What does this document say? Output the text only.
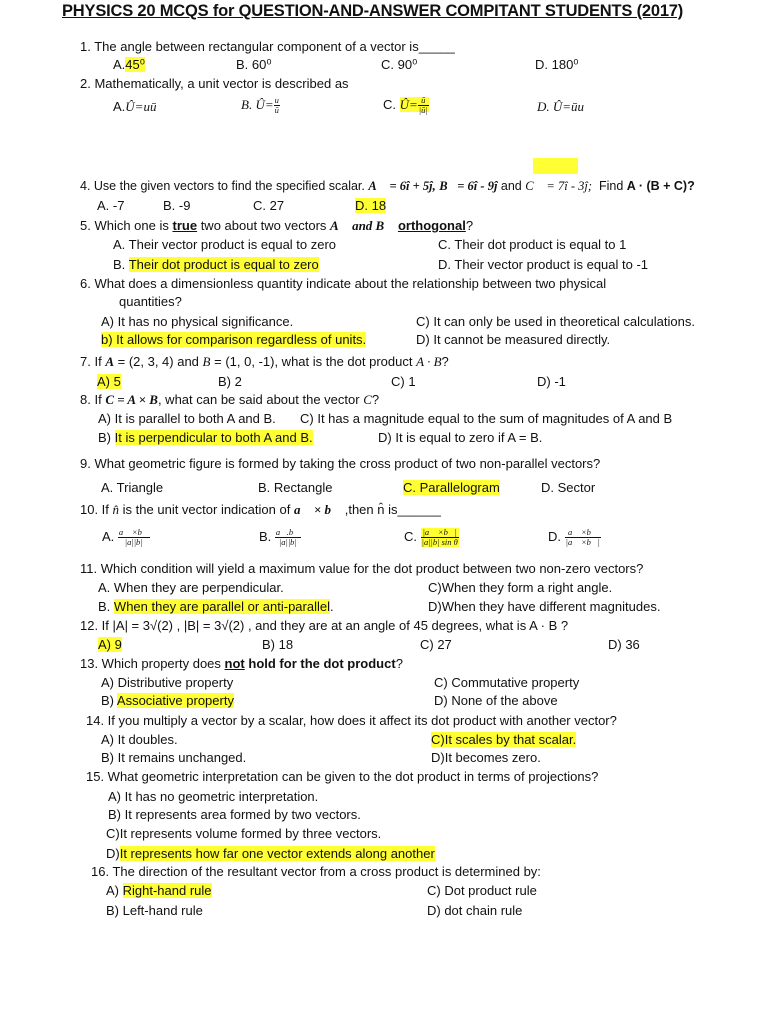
PHYSICS 20 MCQS for QUESTION-AND-ANSWER COMPITANT STUDENTS (2017)
1. The angle between rectangular component of a vector is_____
A.45⁰	B. 60⁰	C. 90⁰	D. 180⁰
2. Mathematically, a unit vector is described as
A.Û=uū	B. Û= $\frac{u}{ū}$	C. Û= $\frac{ū}{|ū|}$	D. Û=ūu
4. Use the given vectors to find the specified scalar. A⃗ = 6î + 5ĵ, B⃗= 6î - 9ĵ and C⃗ = 7î - 3ĵ; Find A · (B + C)?
A. -7	B. -9	C. 27	D. 18
5. Which one is true two about two vectors A⃗ and B⃗ orthogonal?
A. Their vector product is equal to zero	C. Their dot product is equal to 1
B. Their dot product is equal to zero	D. Their vector product is equal to -1
6. What does a dimensionless quantity indicate about the relationship between two physical
quantities?
A) It has no physical significance.	C) It can only be used in theoretical calculations.
b) It allows for comparison regardless of units.	D) It cannot be measured directly.
7. If A = (2, 3, 4) and B = (1, 0, -1), what is the dot product A · B?
A) 5	B) 2	C) 1	D) -1
8. If C = A × B, what can be said about the vector C?
A) It is parallel to both A and B. C) It has a magnitude equal to the sum of magnitudes of A and B
B) It is perpendicular to both A and B.	D) It is equal to zero if A = B.
9. What geometric figure is formed by taking the cross product of two non-parallel vectors?
A. Triangle	B. Rectangle	C. Parallelogram	D. Sector
10. If n̂ is the unit vector indication of a⃗ × b⃗ ,then n̂ is______
A. $\frac{a⃗ \times b⃗}{|a||b|}$	B. $\frac{a⃗.b⃗}{|a||b|}$	C. $\frac{|a⃗ \times b⃗|}{\text{|a||b| sin θ}}$	D. $\frac{a⃗ \times b⃗}{|a⃗ \times b⃗|}$
11. Which condition will yield a maximum value for the dot product between two non-zero vectors?
A. When they are perpendicular.	C)When they form a right angle.
B. When they are parallel or anti-parallel.	D)When they have different magnitudes.
12. If |A| = 3√(2) , |B| = 3√(2) , and they are at an angle of 45 degrees, what is A · B ?
A) 9	B) 18	C) 27	D) 36
13. Which property does not hold for the dot product?
A) Distributive property	C) Commutative property
B) Associative property	D) None of the above
14. If you multiply a vector by a scalar, how does it affect its dot product with another vector?
A) It doubles.	C)It scales by that scalar.
B) It remains unchanged.	D)It becomes zero.
15. What geometric interpretation can be given to the dot product in terms of projections?
A) It has no geometric interpretation.
B) It represents area formed by two vectors.
C)It represents volume formed by three vectors.
D)It represents how far one vector extends along another
16. The direction of the resultant vector from a cross product is determined by:
A) Right-hand rule	C) Dot product rule
B) Left-hand rule	D) dot chain rule
